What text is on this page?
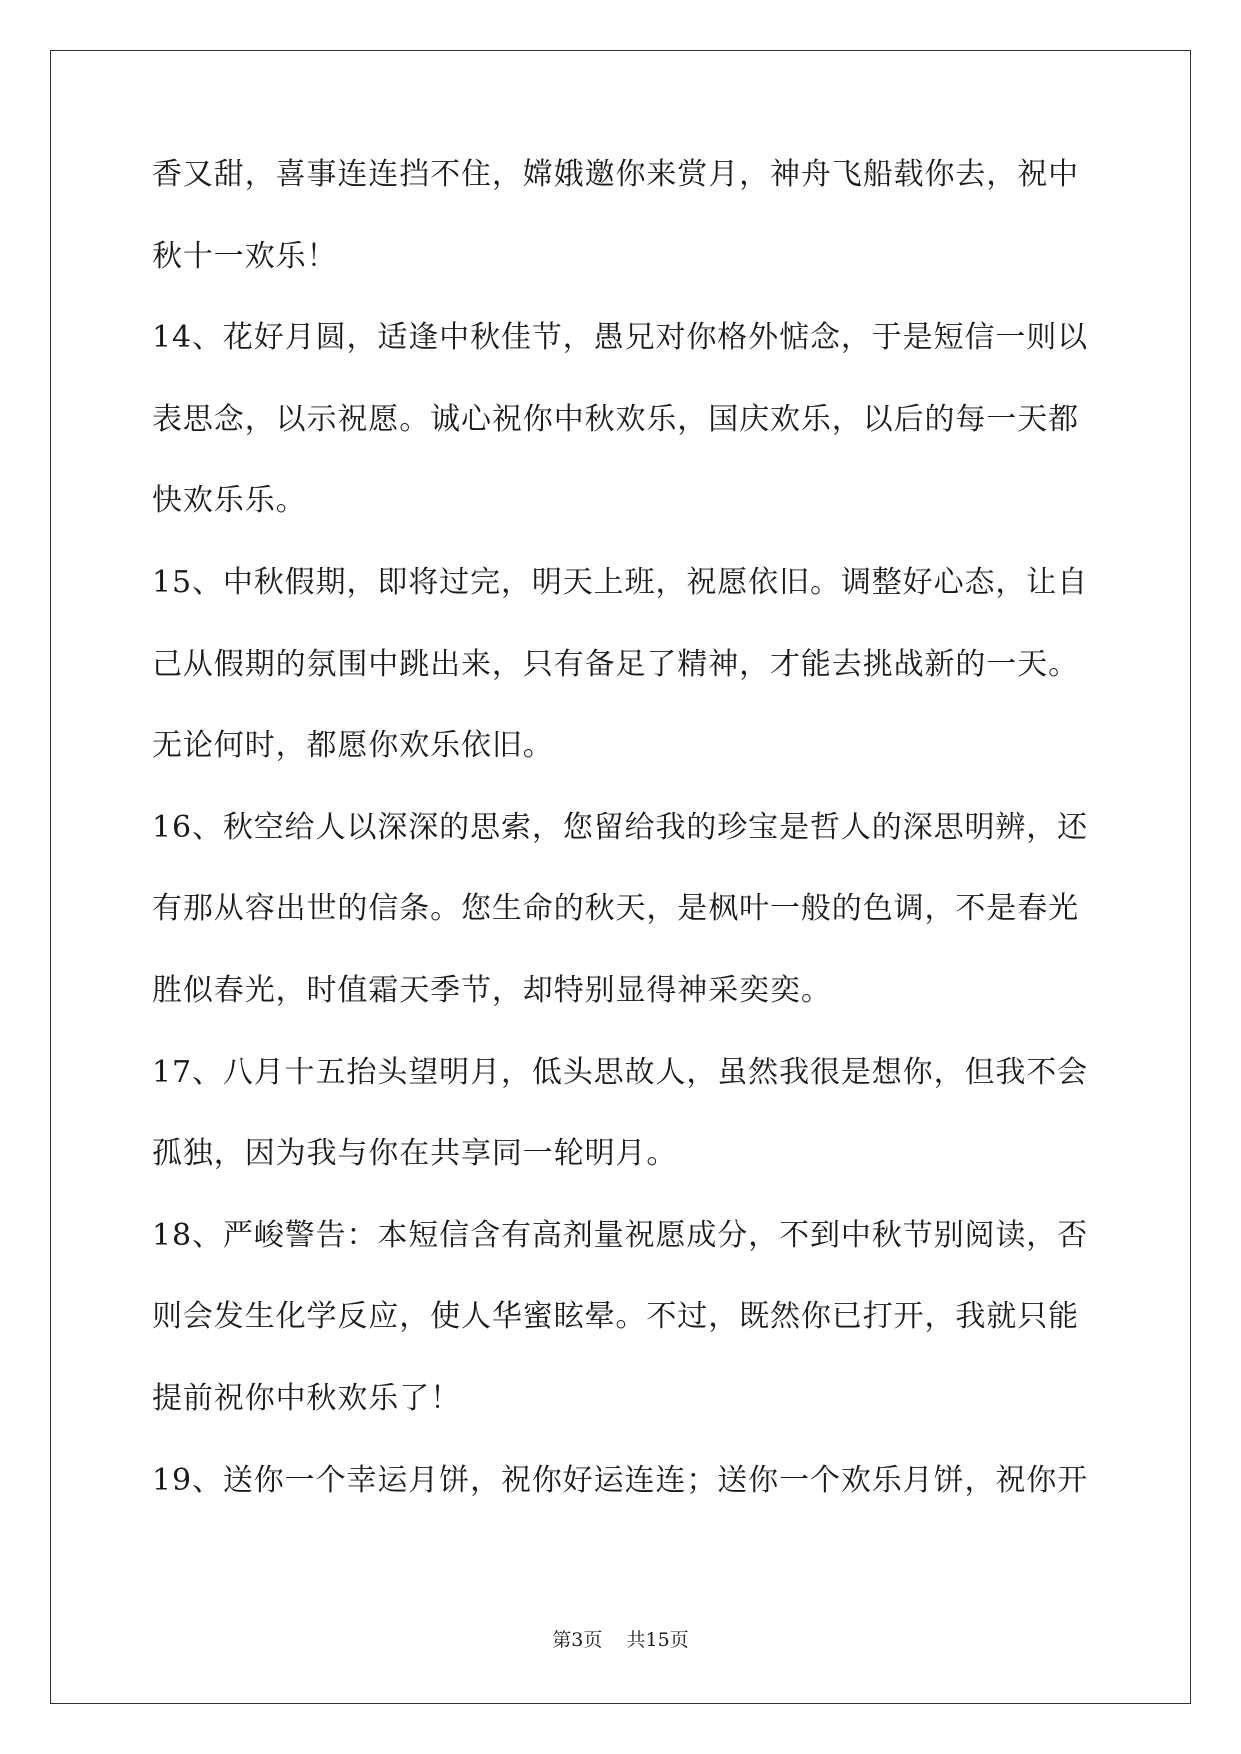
香又甜，喜事连连挡不住，嫦娥邀你来赏月，神舟飞船载你去，祝中
秋十一欢乐！
14、花好月圆，适逢中秋佳节，愚兄对你格外惦念，于是短信一则以
表思念，以示祝愿。诚心祝你中秋欢乐，国庆欢乐，以后的每一天都
快欢乐乐。
15、中秋假期，即将过完，明天上班，祝愿依旧。调整好心态，让自
己从假期的氛围中跳出来，只有备足了精神，才能去挑战新的一天。
无论何时，都愿你欢乐依旧。
16、秋空给人以深深的思索，您留给我的珍宝是哲人的深思明辨，还
有那从容出世的信条。您生命的秋天，是枫叶一般的色调，不是春光
胜似春光，时值霜天季节，却特别显得神采奕奕。
17、八月十五抬头望明月，低头思故人，虽然我很是想你，但我不会
孤独，因为我与你在共享同一轮明月。
18、严峻警告：本短信含有高剂量祝愿成分，不到中秋节别阅读，否
则会发生化学反应，使人华蜜眩晕。不过，既然你已打开，我就只能
提前祝你中秋欢乐了！
19、送你一个幸运月饼，祝你好运连连；送你一个欢乐月饼，祝你开
第3页 共15页
